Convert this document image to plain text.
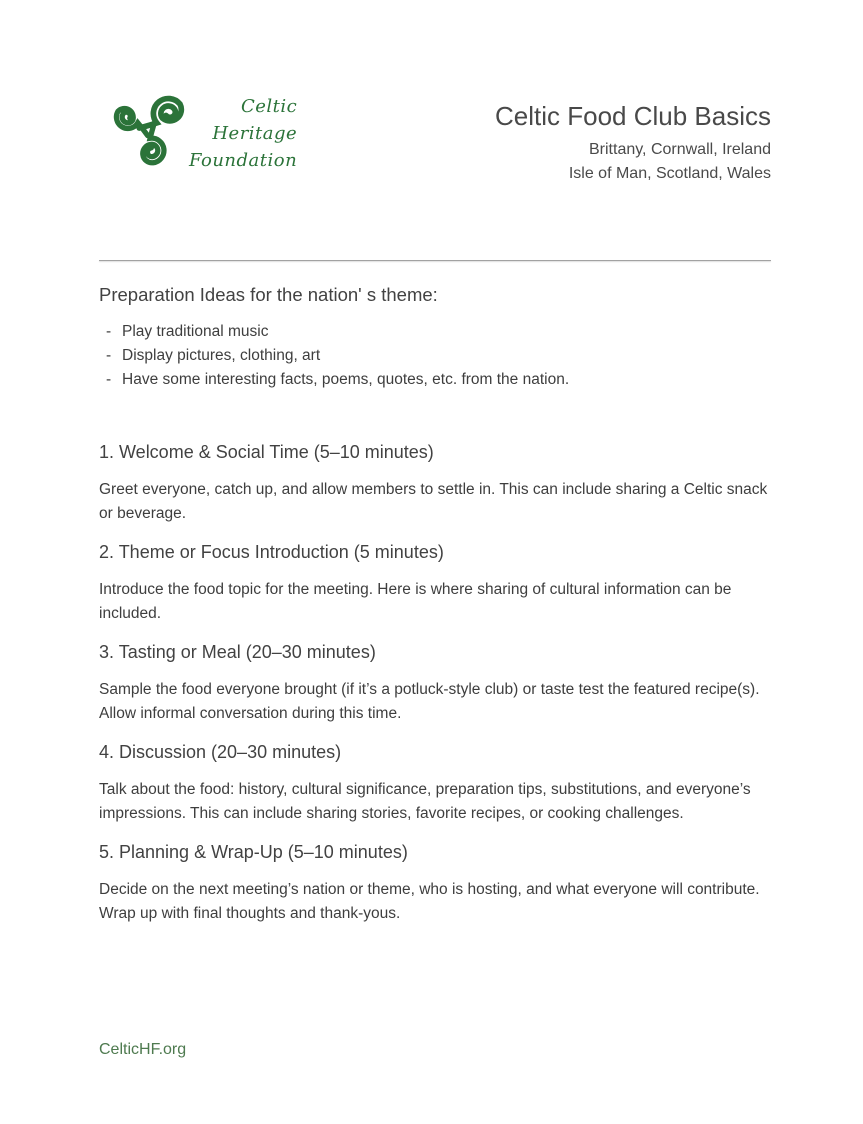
Celtic
Heritage
Foundation
Celtic Food Club Basics
Brittany, Cornwall, Ireland
Isle of Man, Scotland, Wales
Preparation Ideas for the nation' s theme:
- Play traditional music
- Display pictures, clothing, art
- Have some interesting facts, poems, quotes, etc. from the nation.
1. Welcome & Social Time (5–10 minutes)

Greet everyone, catch up, and allow members to settle in. This can include sharing a Celtic snack or beverage.

2. Theme or Focus Introduction (5 minutes)

Introduce the food topic for the meeting. Here is where sharing of cultural information can be included.

3. Tasting or Meal (20–30 minutes)

Sample the food everyone brought (if it’s a potluck-style club) or taste test the featured recipe(s). Allow informal conversation during this time.

4. Discussion (20–30 minutes)

Talk about the food: history, cultural significance, preparation tips, substitutions, and everyone’s impressions. This can include sharing stories, favorite recipes, or cooking challenges.

5. Planning & Wrap-Up (5–10 minutes)

Decide on the next meeting’s nation or theme, who is hosting, and what everyone will contribute. Wrap up with final thoughts and thank-yous.

CelticHF.org
